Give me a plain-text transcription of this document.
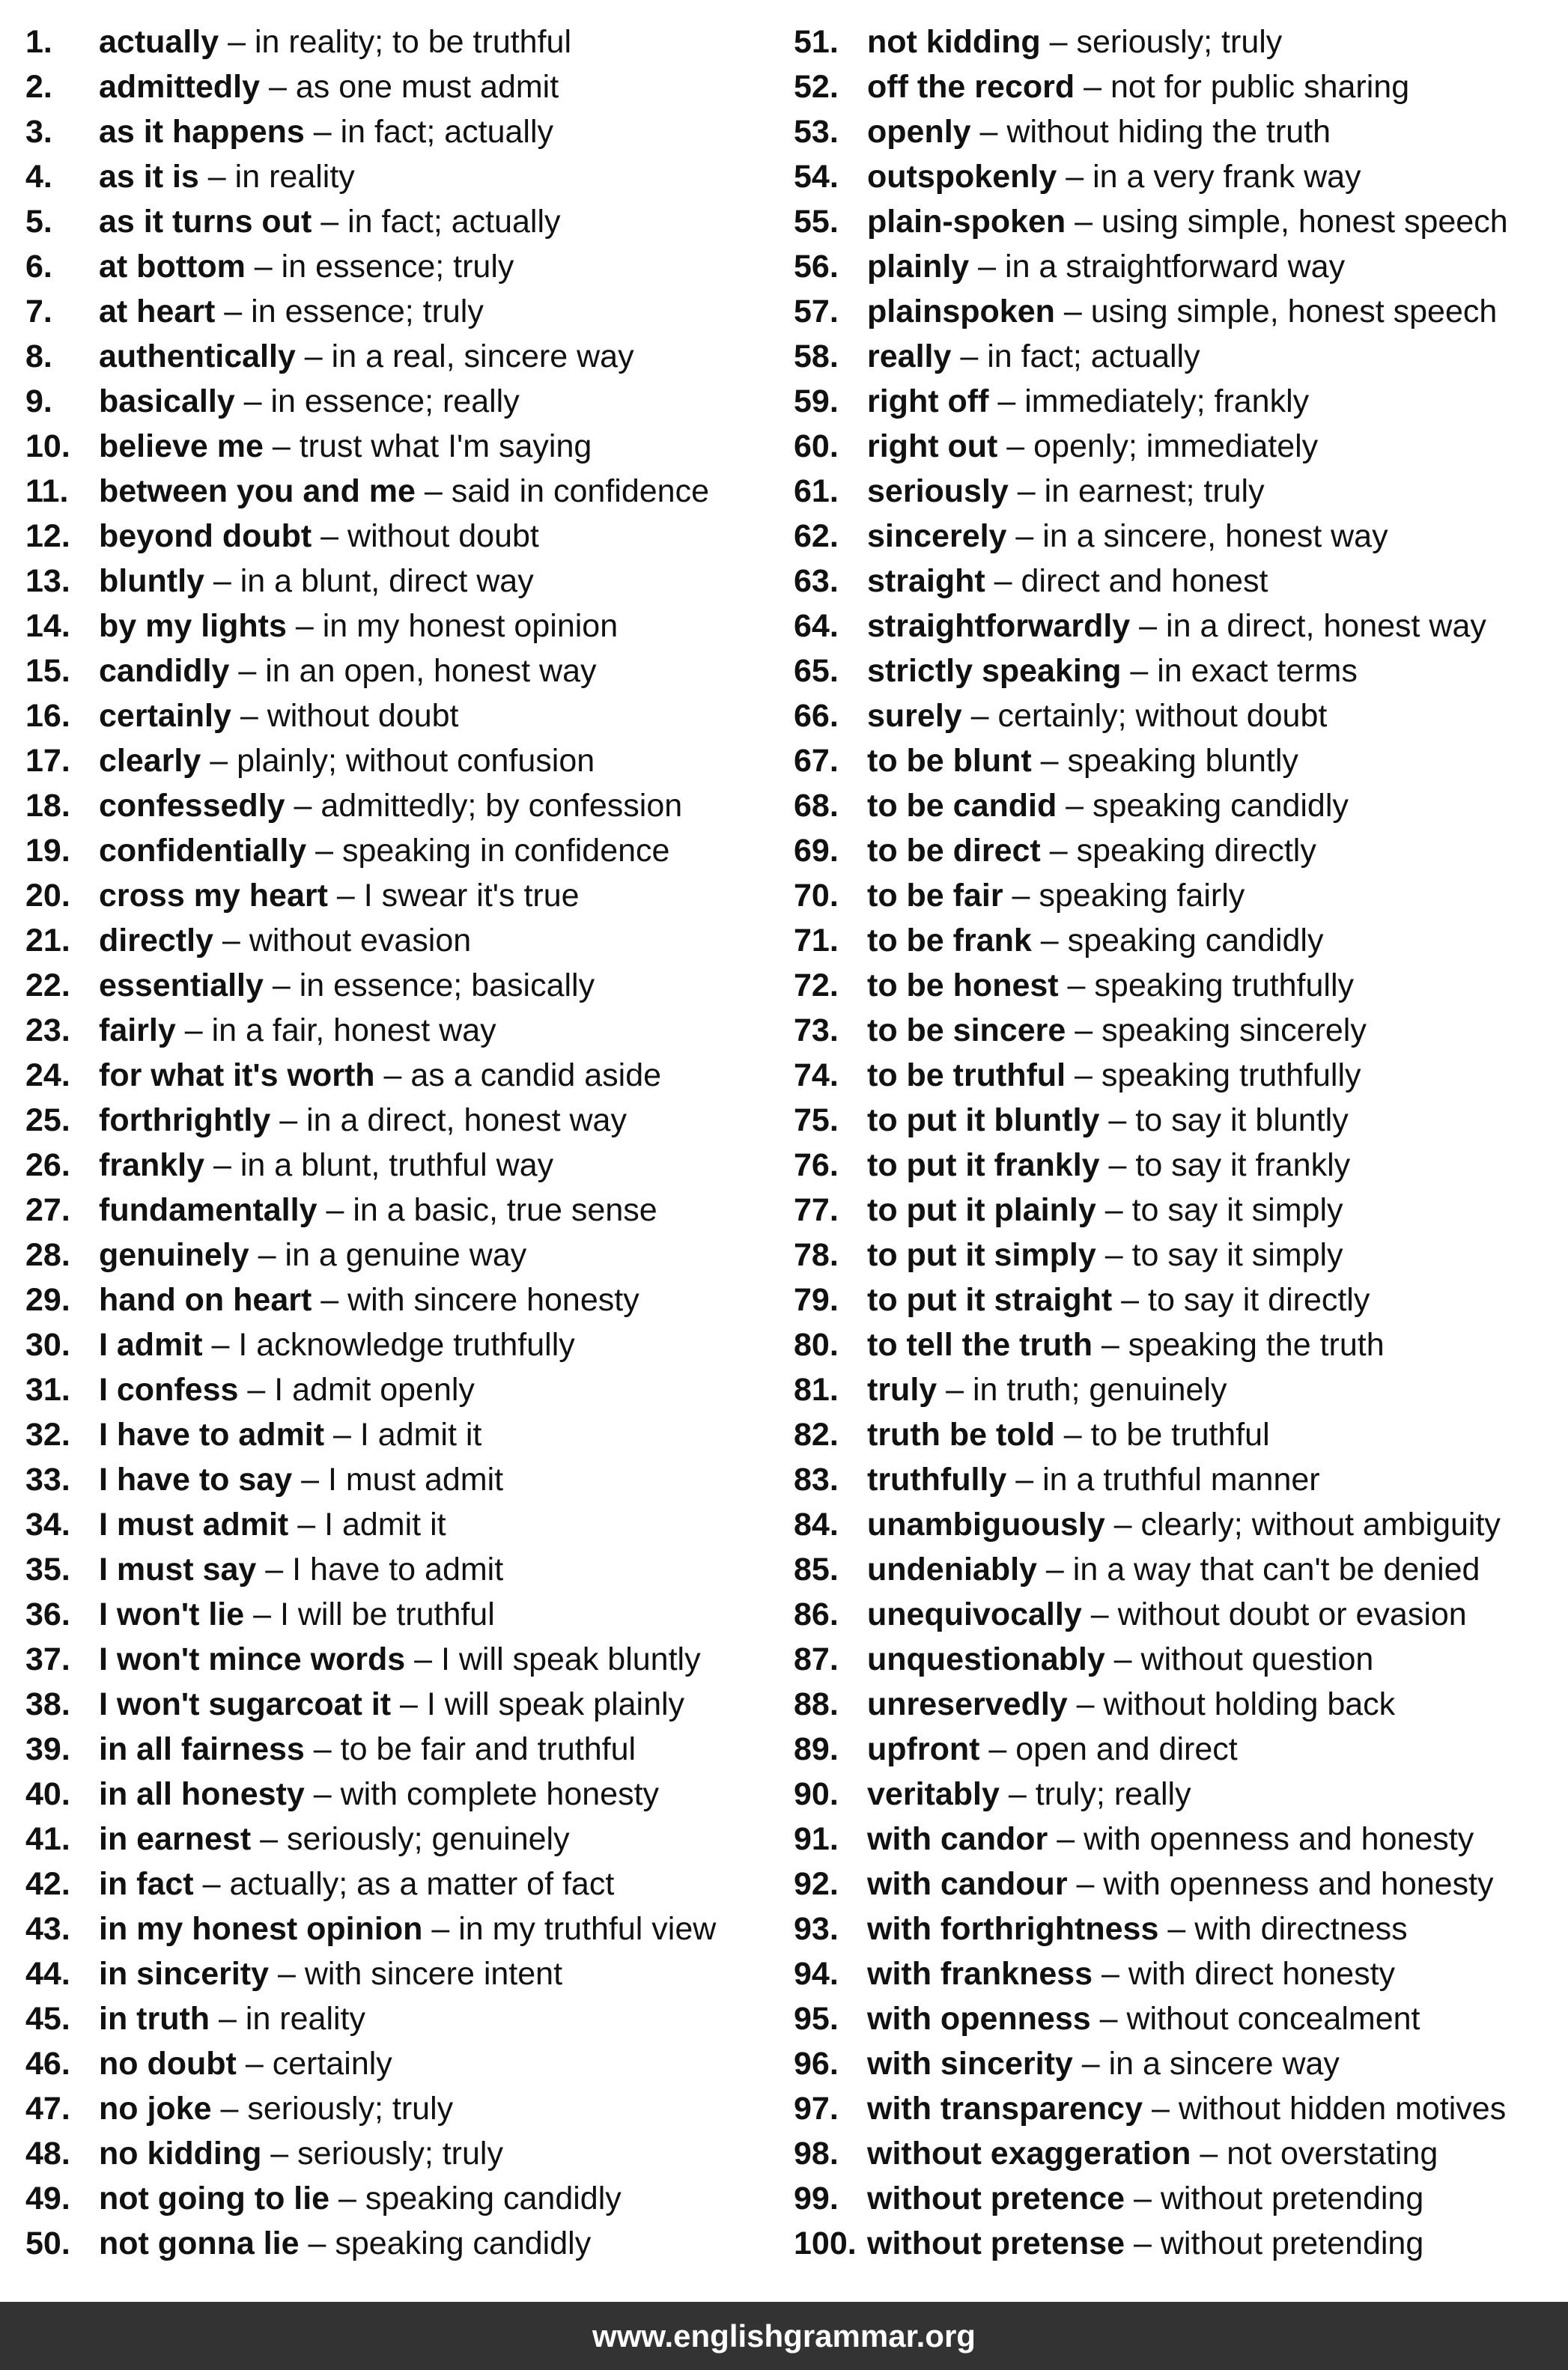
1.	actually – in reality; to be truthful
2.	admittedly – as one must admit
3.	as it happens – in fact; actually
4.	as it is – in reality
5.	as it turns out – in fact; actually
6.	at bottom – in essence; truly
7.	at heart – in essence; truly
8.	authentically – in a real, sincere way
9.	basically – in essence; really
10. believe me – trust what I'm saying
11. between you and me – said in confidence
12. beyond doubt – without doubt
13. bluntly – in a blunt, direct way
14. by my lights – in my honest opinion
15. candidly – in an open, honest way
16. certainly – without doubt
17. clearly – plainly; without confusion
18. confessedly – admittedly; by confession
19. confidentially – speaking in confidence
20. cross my heart – I swear it's true
21. directly – without evasion
22. essentially – in essence; basically
23. fairly – in a fair, honest way
24. for what it's worth – as a candid aside
25. forthrightly – in a direct, honest way
26. frankly – in a blunt, truthful way
27. fundamentally – in a basic, true sense
28. genuinely – in a genuine way
29. hand on heart – with sincere honesty
30. I admit – I acknowledge truthfully
31. I confess – I admit openly
32. I have to admit – I admit it
33. I have to say – I must admit
34. I must admit – I admit it
35. I must say – I have to admit
36. I won't lie – I will be truthful
37. I won't mince words – I will speak bluntly
38. I won't sugarcoat it – I will speak plainly
39. in all fairness – to be fair and truthful
40. in all honesty – with complete honesty
41. in earnest – seriously; genuinely
42. in fact – actually; as a matter of fact
43. in my honest opinion – in my truthful view
44. in sincerity – with sincere intent
45. in truth – in reality
46. no doubt – certainly
47. no joke – seriously; truly
48. no kidding – seriously; truly
49. not going to lie – speaking candidly
50. not gonna lie – speaking candidly
51. not kidding – seriously; truly
52. off the record – not for public sharing
53. openly – without hiding the truth
54. outspokenly – in a very frank way
55. plain-spoken – using simple, honest speech
56. plainly – in a straightforward way
57. plainspoken – using simple, honest speech
58. really – in fact; actually
59. right off – immediately; frankly
60. right out – openly; immediately
61. seriously – in earnest; truly
62. sincerely – in a sincere, honest way
63. straight – direct and honest
64. straightforwardly – in a direct, honest way
65. strictly speaking – in exact terms
66. surely – certainly; without doubt
67. to be blunt – speaking bluntly
68. to be candid – speaking candidly
69. to be direct – speaking directly
70. to be fair – speaking fairly
71. to be frank – speaking candidly
72. to be honest – speaking truthfully
73. to be sincere – speaking sincerely
74. to be truthful – speaking truthfully
75. to put it bluntly – to say it bluntly
76. to put it frankly – to say it frankly
77. to put it plainly – to say it simply
78. to put it simply – to say it simply
79. to put it straight – to say it directly
80. to tell the truth – speaking the truth
81. truly – in truth; genuinely
82. truth be told – to be truthful
83. truthfully – in a truthful manner
84. unambiguously – clearly; without ambiguity
85. undeniably – in a way that can't be denied
86. unequivocally – without doubt or evasion
87. unquestionably – without question
88. unreservedly – without holding back
89. upfront – open and direct
90. veritably – truly; really
91. with candor – with openness and honesty
92. with candour – with openness and honesty
93. with forthrightness – with directness
94. with frankness – with direct honesty
95. with openness – without concealment
96. with sincerity – in a sincere way
97. with transparency – without hidden motives
98. without exaggeration – not overstating
99. without pretence – without pretending
100. without pretense – without pretending
www.englishgrammar.org
